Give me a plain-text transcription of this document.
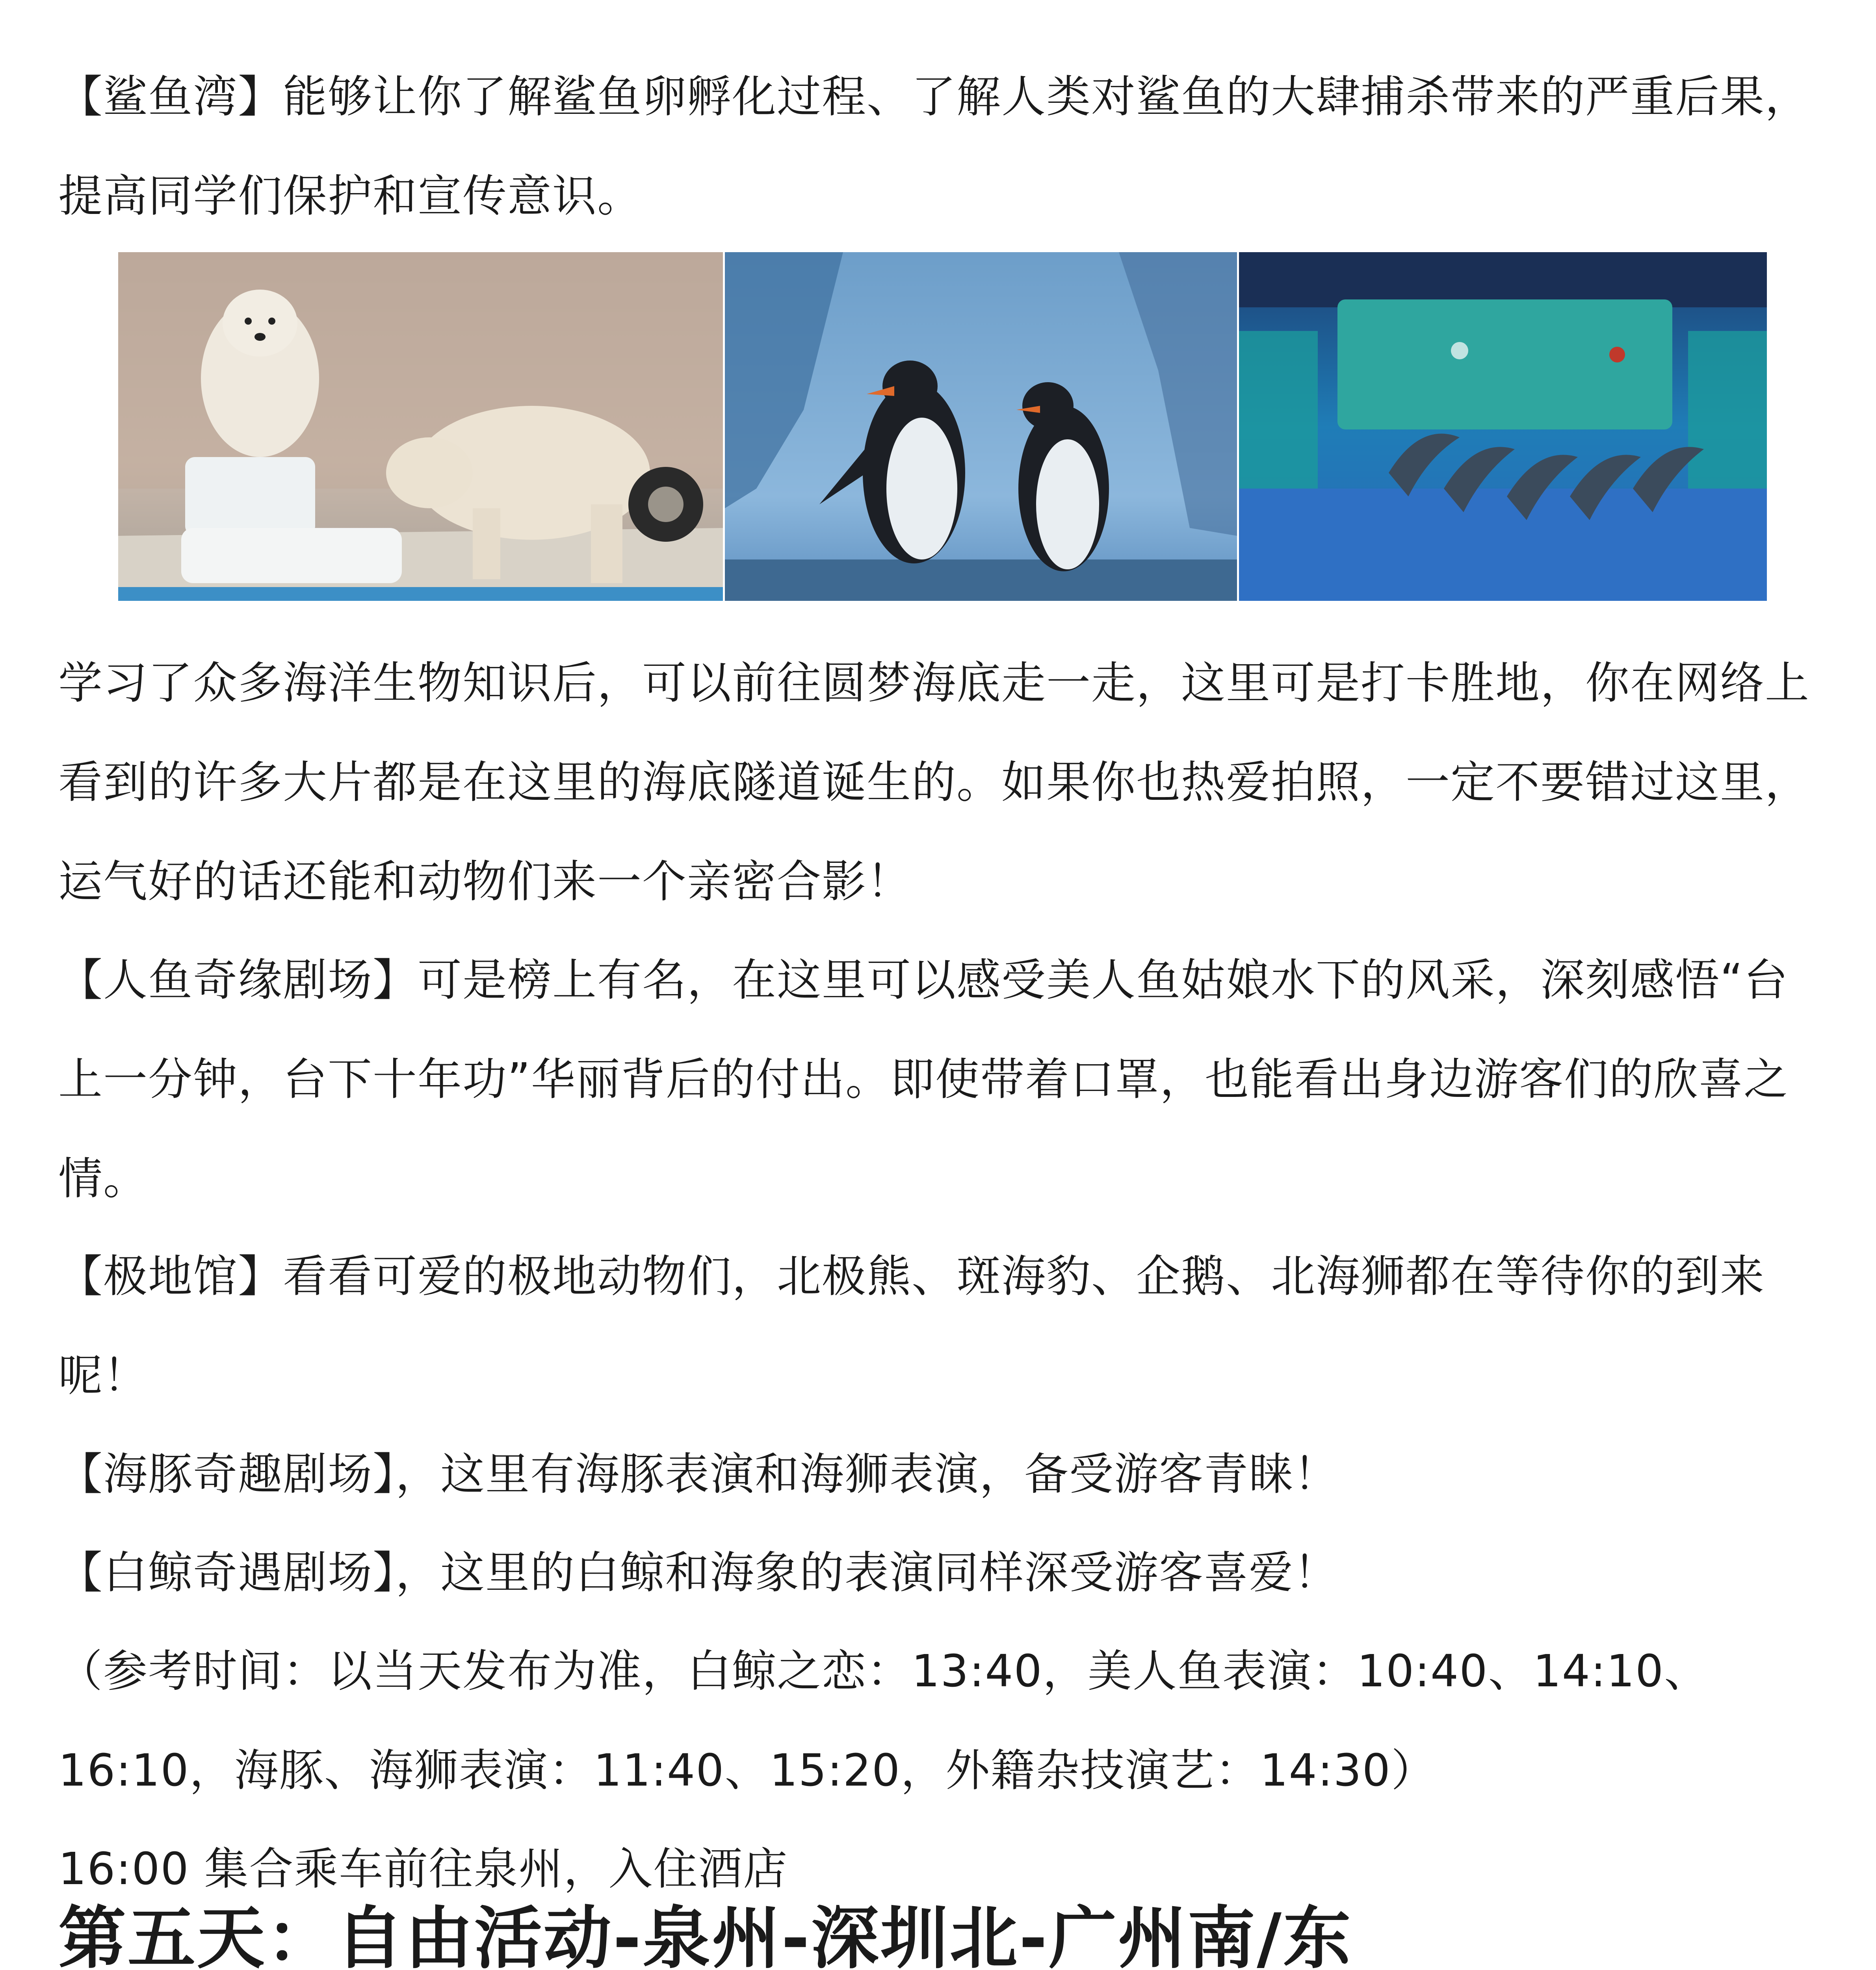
【鲨鱼湾】能够让你了解鲨鱼卵孵化过程、了解人类对鲨鱼的大肆捕杀带来的严重后果，提高同学们保护和宣传意识。

学习了众多海洋生物知识后，可以前往圆梦海底走一走，这里可是打卡胜地，你在网络上看到的许多大片都是在这里的海底隧道诞生的。如果你也热爱拍照，一定不要错过这里，运气好的话还能和动物们来一个亲密合影！

【人鱼奇缘剧场】可是榜上有名，在这里可以感受美人鱼姑娘水下的风采，深刻感悟“台上一分钟，台下十年功”华丽背后的付出。即使带着口罩，也能看出身边游客们的欣喜之情。

【极地馆】看看可爱的极地动物们，北极熊、斑海豹、企鹅、北海狮都在等待你的到来呢！

【海豚奇趣剧场】，这里有海豚表演和海狮表演，备受游客青睐！

【白鲸奇遇剧场】，这里的白鲸和海象的表演同样深受游客喜爱！

（参考时间：以当天发布为准，白鲸之恋：13:40，美人鱼表演：10:40、14:10、16:10，海豚、海狮表演：11:40、15:20，外籍杂技演艺：14:30）

16:00 集合乘车前往泉州，入住酒店

第五天：自由活动-泉州-深圳北-广州南/东
